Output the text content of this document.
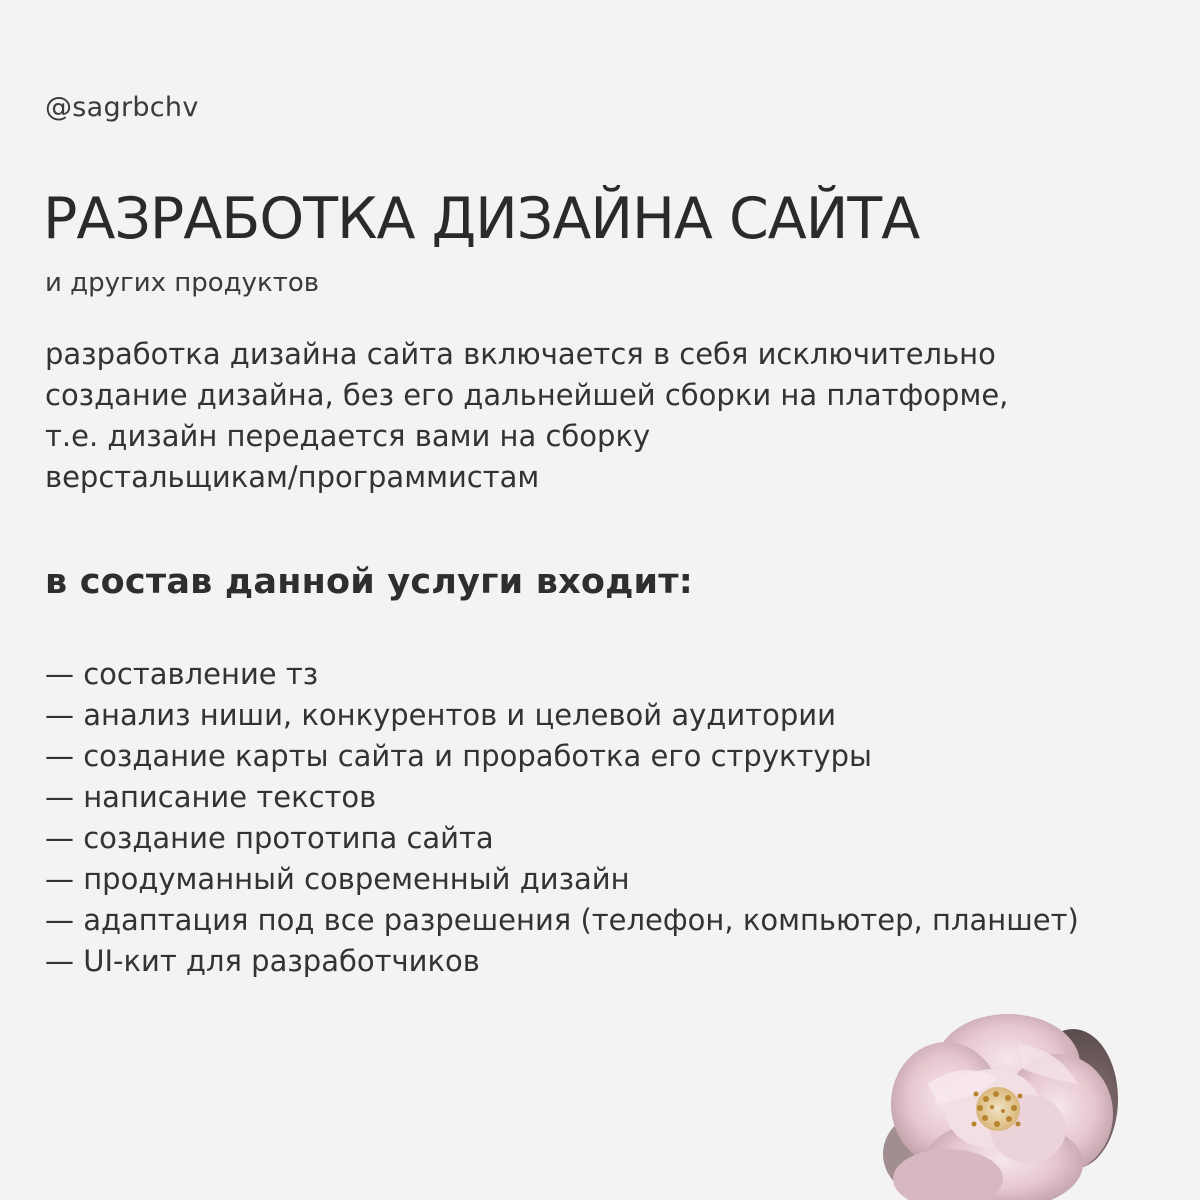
@sagrbchv
РАЗРАБОТКА ДИЗАЙНА САЙТА
и других продуктов

разработка дизайна сайта включается в себя исключительно
создание дизайна, без его дальнейшей сборки на платформе,
т.е. дизайн передается вами на сборку
верстальщикам/программистам

в состав данной услуги входит:
— составление тз
— анализ ниши, конкурентов и целевой аудитории
— создание карты сайта и проработка его структуры
— написание текстов
— создание прототипа сайта
— продуманный современный дизайн
— адаптация под все разрешения (телефон, компьютер, планшет)
— UI-кит для разработчиков
